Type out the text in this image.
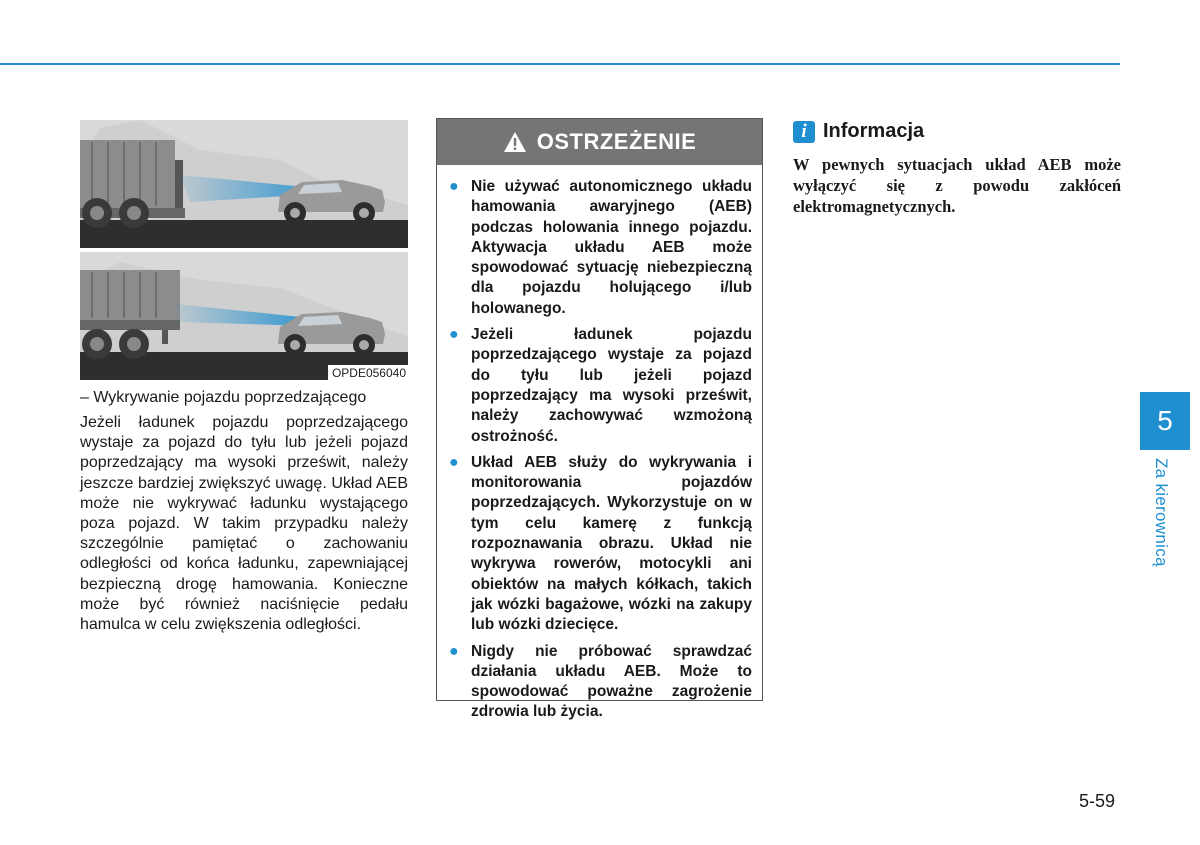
OPDE056040
– Wykrywanie pojazdu poprzedzającego
Jeżeli ładunek pojazdu poprzedzającego wystaje za pojazd do tyłu lub jeżeli pojazd poprzedzający ma wysoki prześwit, należy jeszcze bardziej zwiększyć uwagę. Układ AEB może nie wykrywać ładunku wystającego poza pojazd. W takim przypadku należy szczególnie pamiętać o zachowaniu odległości od końca ładunku, zapewniającej bezpieczną drogę hamowania. Konieczne może być również naciśnięcie pedału hamulca w celu zwiększenia odległości.
OSTRZEŻENIE
● Nie używać autonomicznego układu hamowania awaryjnego (AEB) podczas holowania innego pojazdu. Aktywacja układu AEB może spowodować sytuację niebezpieczną dla pojazdu holującego i/lub holowanego.
● Jeżeli ładunek pojazdu poprzedzającego wystaje za pojazd do tyłu lub jeżeli pojazd poprzedzający ma wysoki prześwit, należy zachowywać wzmożoną ostrożność.
● Układ AEB służy do wykrywania i monitorowania pojazdów poprzedzających. Wykorzystuje on w tym celu kamerę z funkcją rozpoznawania obrazu. Układ nie wykrywa rowerów, motocykli ani obiektów na małych kółkach, takich jak wózki bagażowe, wózki na zakupy lub wózki dziecięce.
● Nigdy nie próbować sprawdzać działania układu AEB. Może to spowodować poważne zagrożenie zdrowia lub życia.
i Informacja
W pewnych sytuacjach układ AEB może wyłączyć się z powodu zakłóceń elektromagnetycznych.
5
Za kierownicą
5-59
